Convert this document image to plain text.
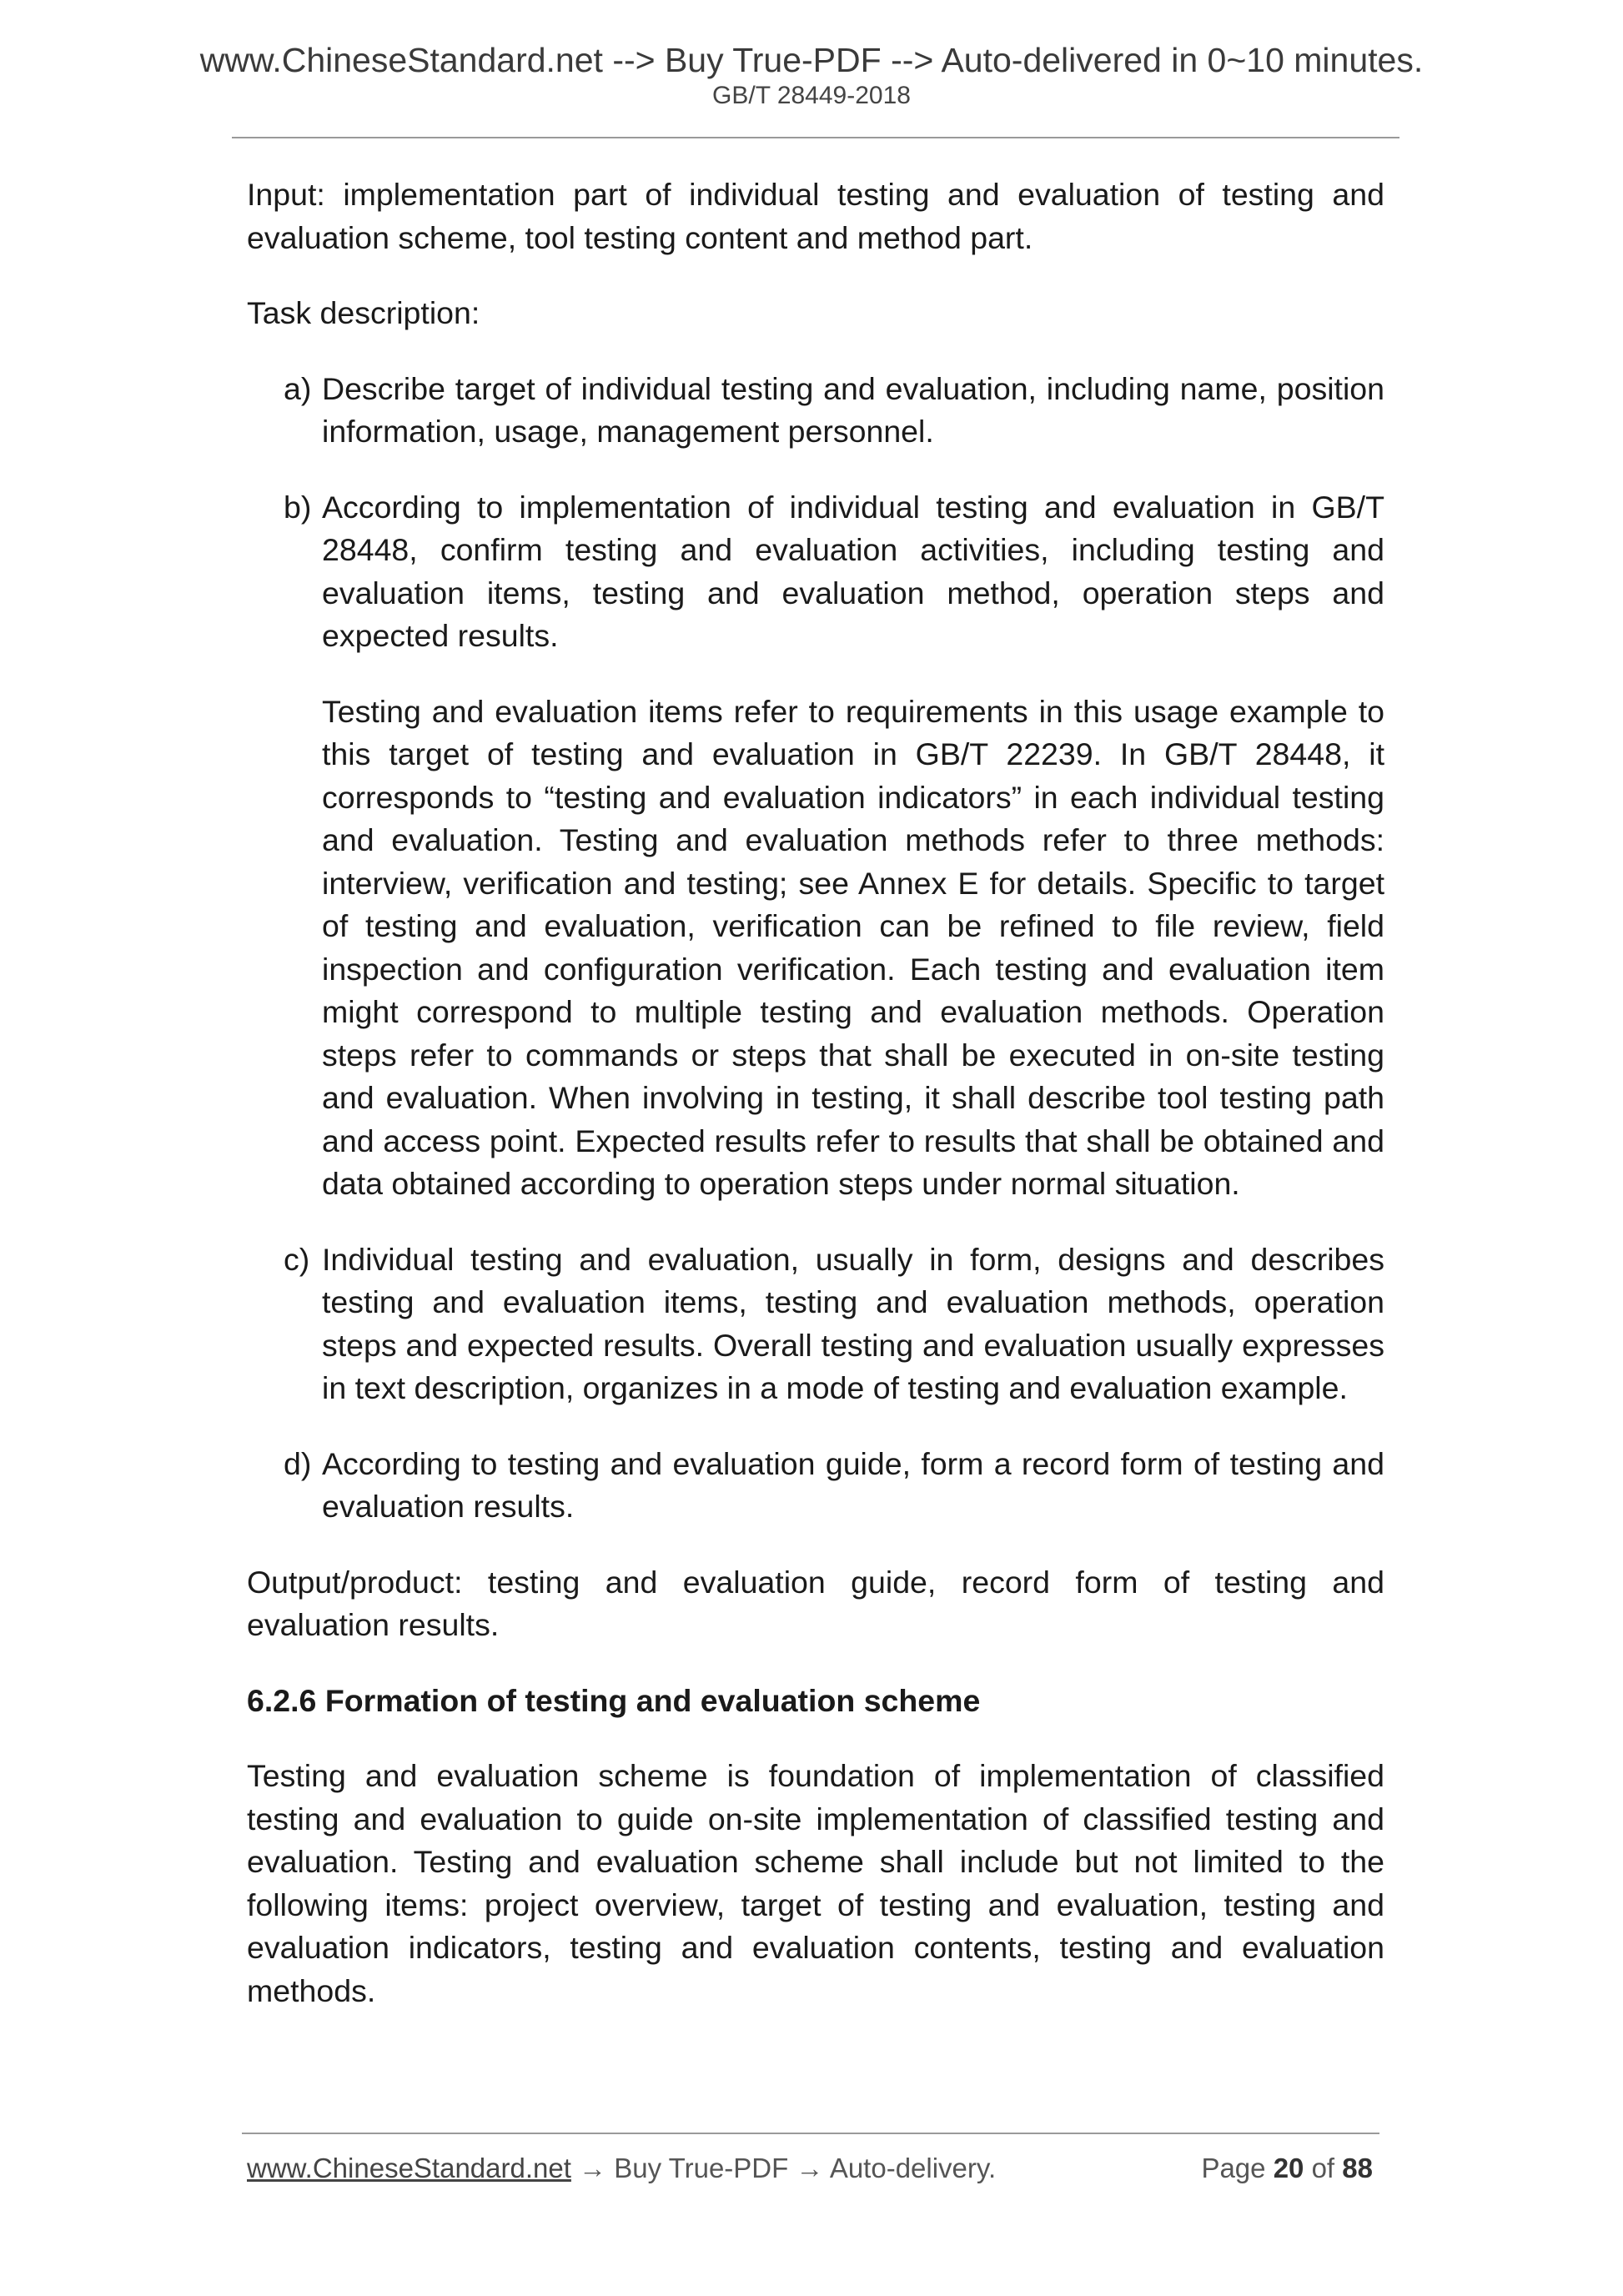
www.ChineseStandard.net --> Buy True-PDF --> Auto-delivered in 0~10 minutes.
GB/T 28449-2018

Input: implementation part of individual testing and evaluation of testing and evaluation scheme, tool testing content and method part.

Task description:

a) Describe target of individual testing and evaluation, including name, position information, usage, management personnel.
b) According to implementation of individual testing and evaluation in GB/T 28448, confirm testing and evaluation activities, including testing and evaluation items, testing and evaluation method, operation steps and expected results.

Testing and evaluation items refer to requirements in this usage example to this target of testing and evaluation in GB/T 22239. In GB/T 28448, it corresponds to “testing and evaluation indicators” in each individual testing and evaluation. Testing and evaluation methods refer to three methods: interview, verification and testing; see Annex E for details. Specific to target of testing and evaluation, verification can be refined to file review, field inspection and configuration verification. Each testing and evaluation item might correspond to multiple testing and evaluation methods. Operation steps refer to commands or steps that shall be executed in on-site testing and evaluation. When involving in testing, it shall describe tool testing path and access point. Expected results refer to results that shall be obtained and data obtained according to operation steps under normal situation.

c) Individual testing and evaluation, usually in form, designs and describes testing and evaluation items, testing and evaluation methods, operation steps and expected results. Overall testing and evaluation usually expresses in text description, organizes in a mode of testing and evaluation example.
d) According to testing and evaluation guide, form a record form of testing and evaluation results.

Output/product: testing and evaluation guide, record form of testing and evaluation results.

6.2.6 Formation of testing and evaluation scheme

Testing and evaluation scheme is foundation of implementation of classified testing and evaluation to guide on-site implementation of classified testing and evaluation. Testing and evaluation scheme shall include but not limited to the following items: project overview, target of testing and evaluation, testing and evaluation indicators, testing and evaluation contents, testing and evaluation methods.

www.ChineseStandard.net → Buy True-PDF → Auto-delivery.	Page 20 of 88
